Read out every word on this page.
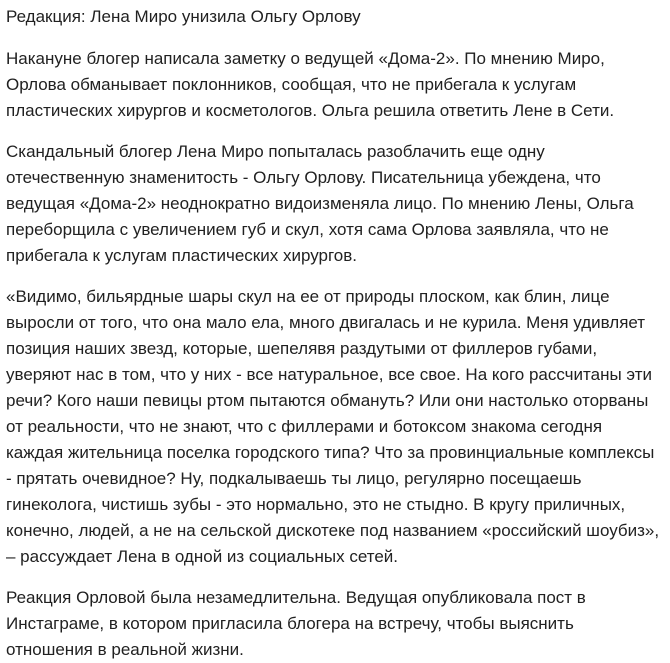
Редакция: Лена Миро унизила Ольгу Орлову

Накануне блогер написала заметку о ведущей «Дома-2». По мнению Миро, Орлова обманывает поклонников, сообщая, что не прибегала к услугам пластических хирургов и косметологов. Ольга решила ответить Лене в Сети.

Скандальный блогер Лена Миро попыталась разоблачить еще одну отечественную знаменитость - Ольгу Орлову. Писательница убеждена, что ведущая «Дома-2» неоднократно видоизменяла лицо. По мнению Лены, Ольга переборщила с увеличением губ и скул, хотя сама Орлова заявляла, что не прибегала к услугам пластических хирургов.

«Видимо, бильярдные шары скул на ее от природы плоском, как блин, лице выросли от того, что она мало ела, много двигалась и не курила. Меня удивляет позиция наших звезд, которые, шепелявя раздутыми от филлеров губами, уверяют нас в том, что у них - все натуральное, все свое. На кого рассчитаны эти речи? Кого наши певицы ртом пытаются обмануть? Или они настолько оторваны от реальности, что не знают, что с филлерами и ботоксом знакома сегодня каждая жительница поселка городского типа? Что за провинциальные комплексы - прятать очевидное? Ну, подкалываешь ты лицо, регулярно посещаешь гинеколога, чистишь зубы - это нормально, это не стыдно. В кругу приличных, конечно, людей, а не на сельской дискотеке под названием «российский шоубиз», – рассуждает Лена в одной из социальных сетей.

Реакция Орловой была незамедлительна. Ведущая опубликовала пост в Инстаграме, в котором пригласила блогера на встречу, чтобы выяснить отношения в реальной жизни.
